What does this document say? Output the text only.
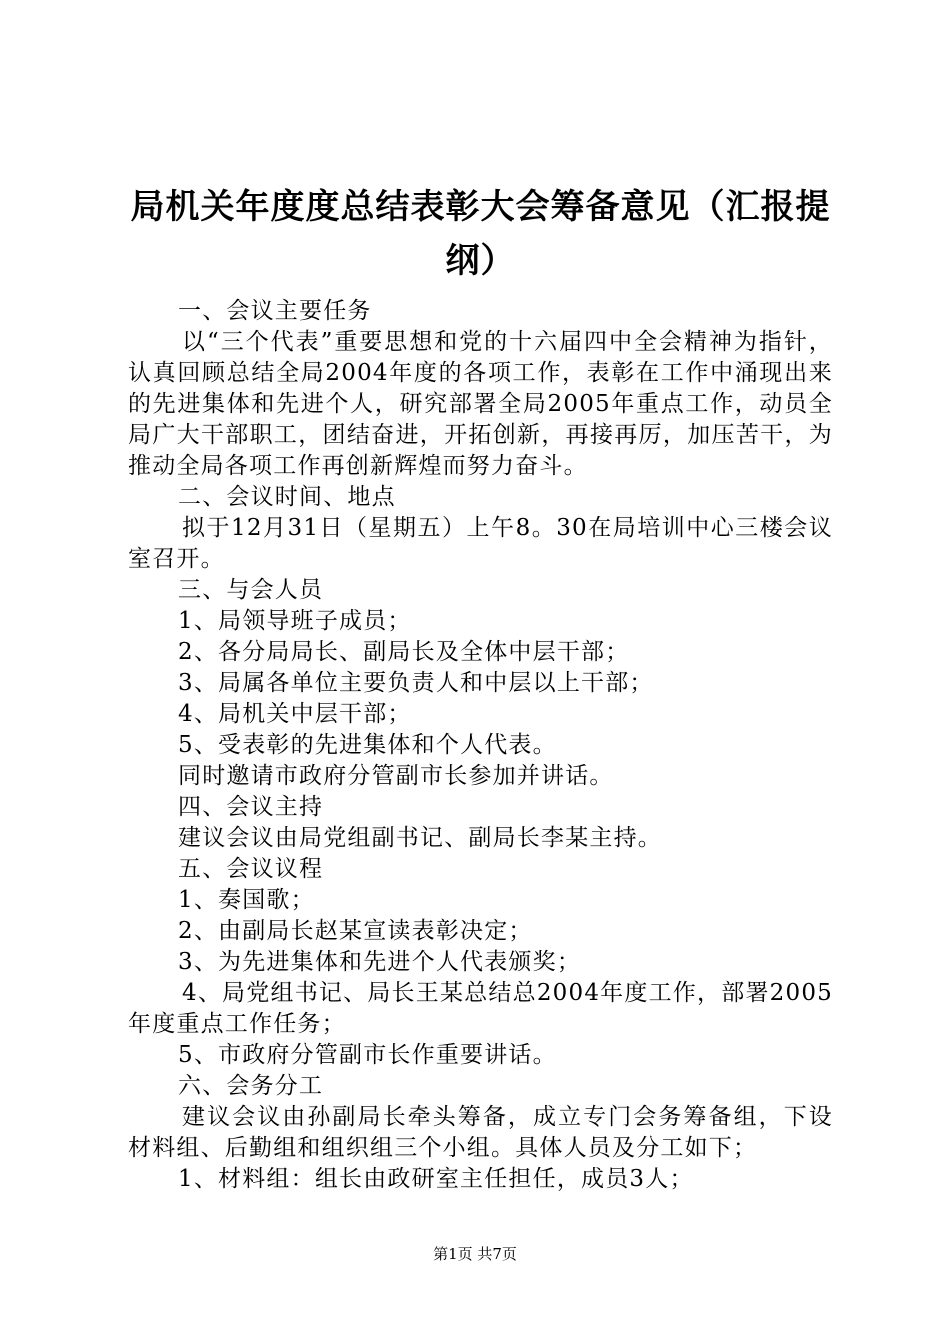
局机关年度度总结表彰大会筹备意见（汇报提纲）

一、会议主要任务

以“三个代表”重要思想和党的十六届四中全会精神为指针，认真回顾总结全局2004年度的各项工作，表彰在工作中涌现出来的先进集体和先进个人，研究部署全局2005年重点工作，动员全局广大干部职工，团结奋进，开拓创新，再接再厉，加压苦干，为推动全局各项工作再创新辉煌而努力奋斗。

二、会议时间、地点

拟于12月31日（星期五）上午8。30在局培训中心三楼会议室召开。

三、与会人员

1、局领导班子成员；

2、各分局局长、副局长及全体中层干部；

3、局属各单位主要负责人和中层以上干部；

4、局机关中层干部；

5、受表彰的先进集体和个人代表。

同时邀请市政府分管副市长参加并讲话。

四、会议主持

建议会议由局党组副书记、副局长李某主持。

五、会议议程

1、奏国歌；

2、由副局长赵某宣读表彰决定；

3、为先进集体和先进个人代表颁奖；

4、局党组书记、局长王某总结总2004年度工作，部署2005年度重点工作任务；

5、市政府分管副市长作重要讲话。

六、会务分工

建议会议由孙副局长牵头筹备，成立专门会务筹备组，下设材料组、后勤组和组织组三个小组。具体人员及分工如下；

1、材料组：组长由政研室主任担任，成员3人；

第1页 共7页
